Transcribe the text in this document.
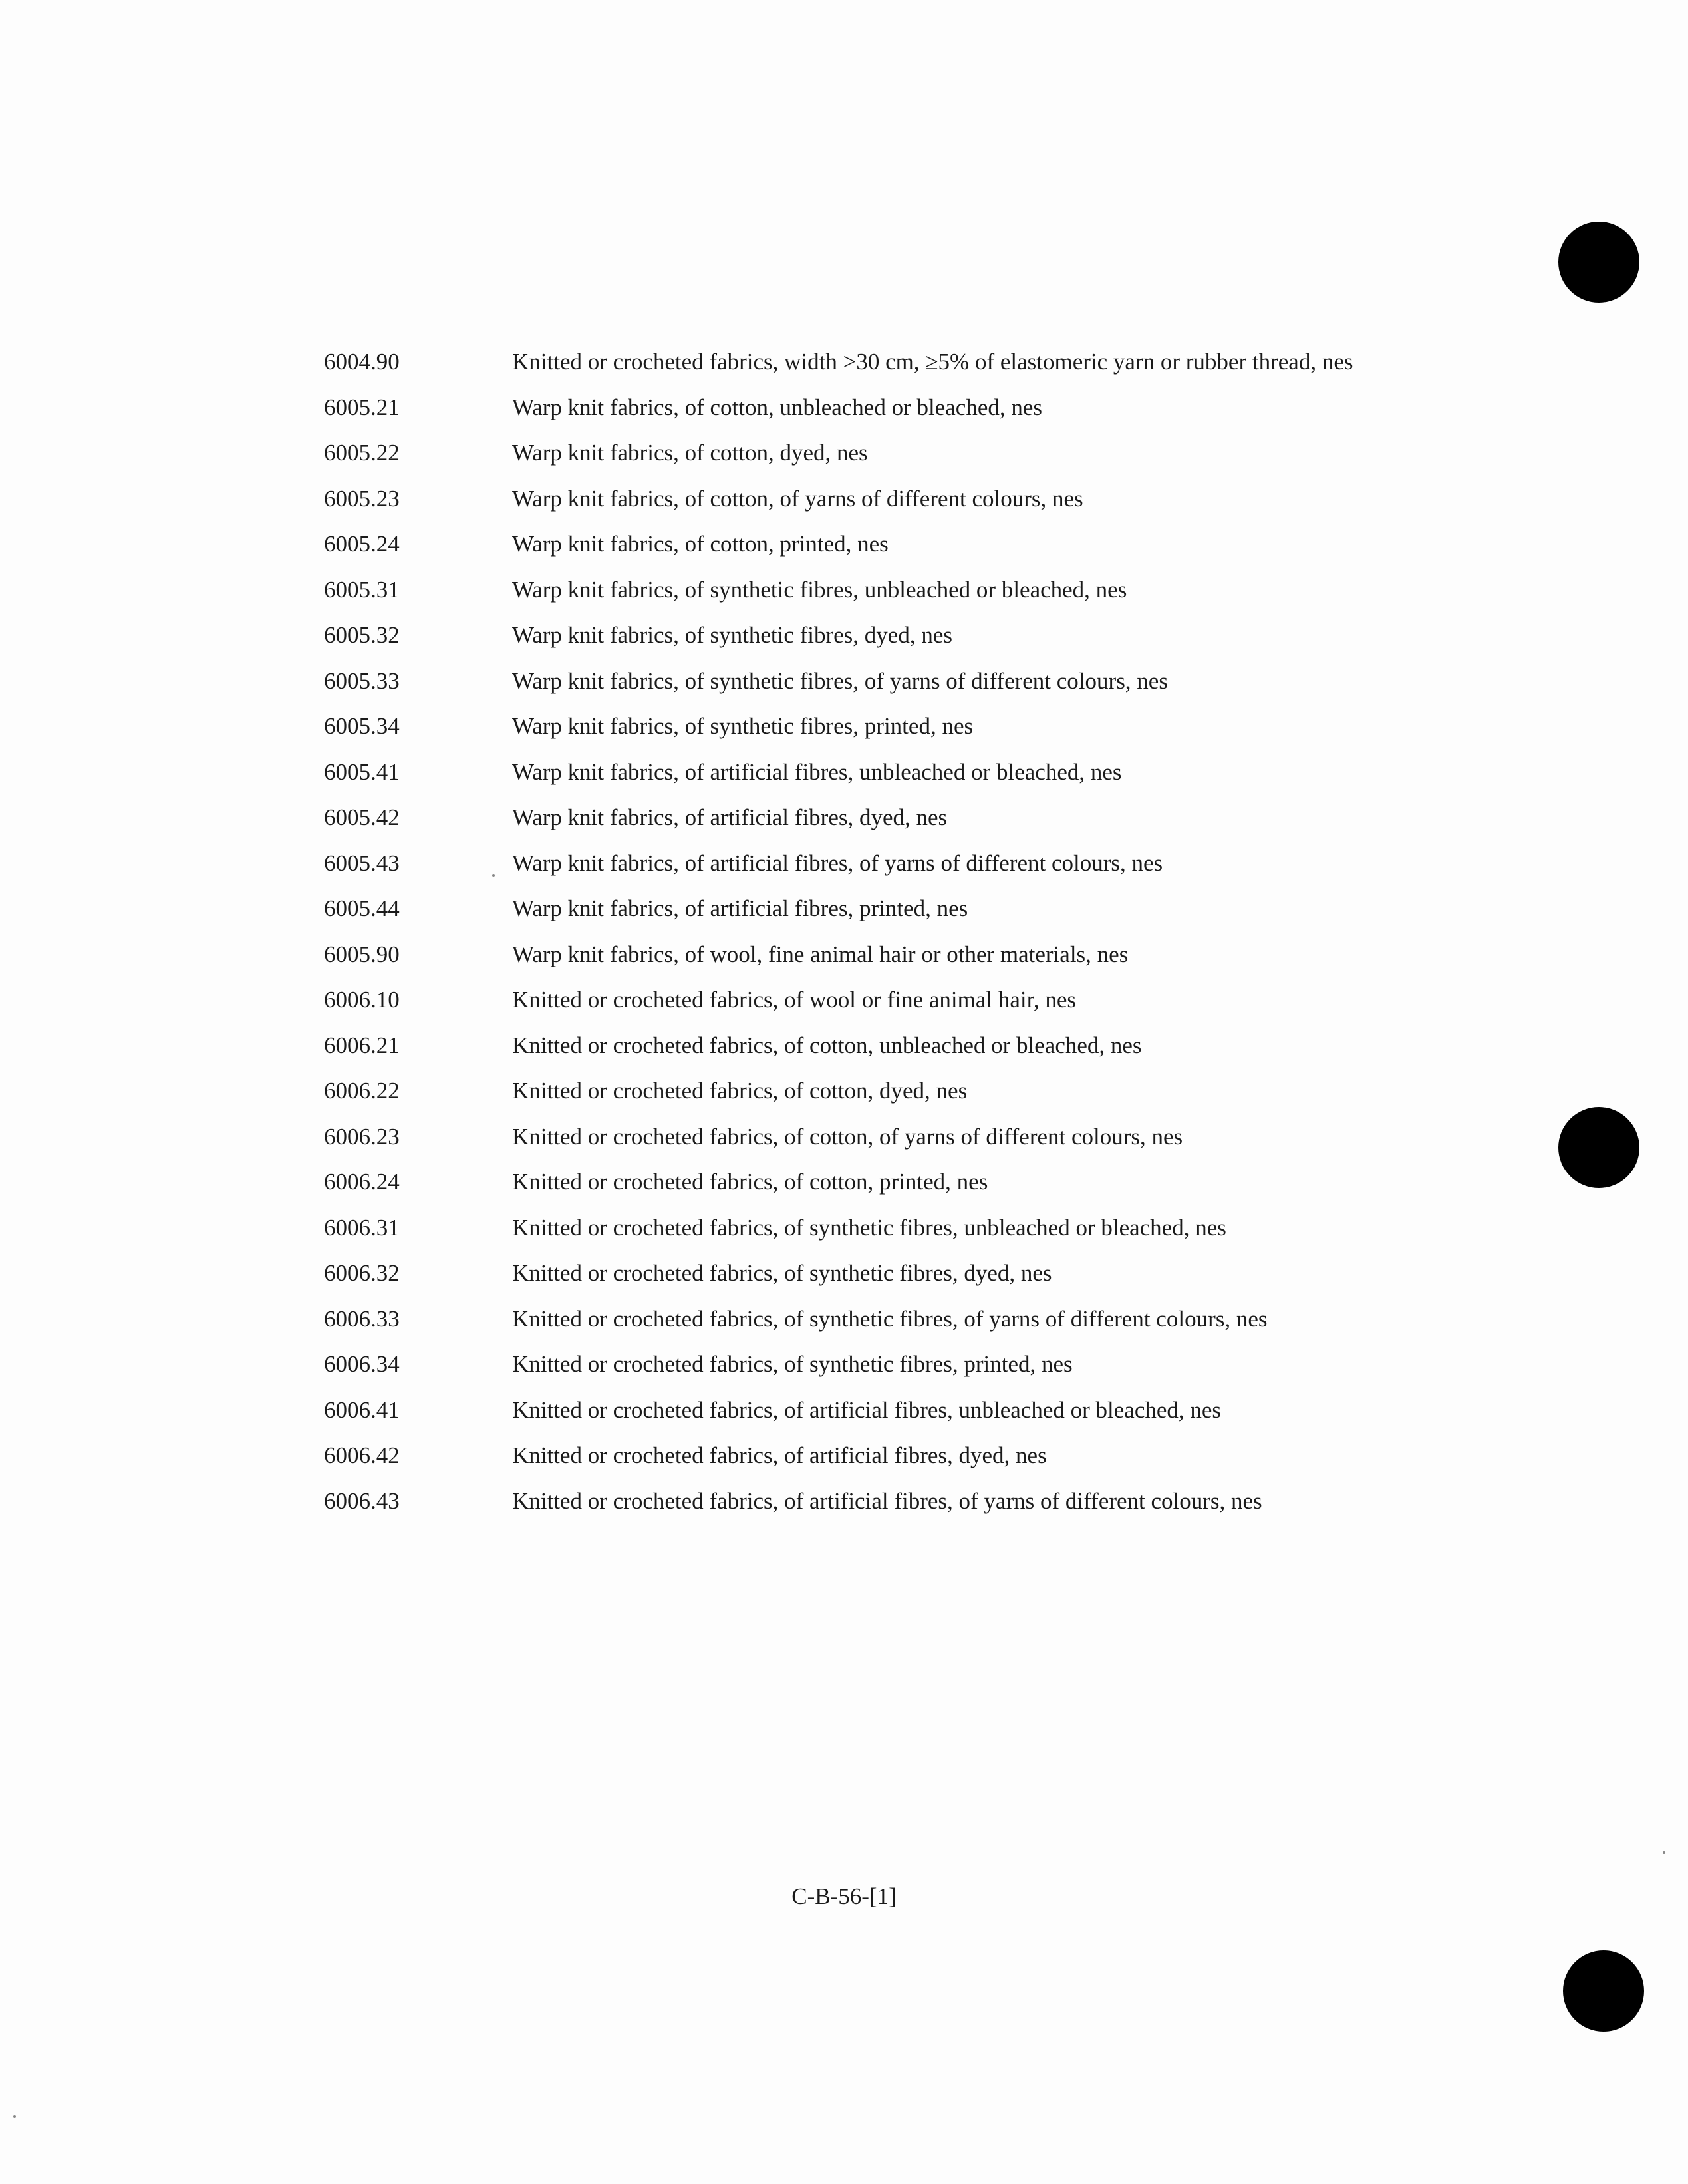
6004.90	Knitted or crocheted fabrics, width >30 cm, ≥5% of elastomeric yarn or rubber thread, nes
6005.21	Warp knit fabrics, of cotton, unbleached or bleached, nes
6005.22	Warp knit fabrics, of cotton, dyed, nes
6005.23	Warp knit fabrics, of cotton, of yarns of different colours, nes
6005.24	Warp knit fabrics, of cotton, printed, nes
6005.31	Warp knit fabrics, of synthetic fibres, unbleached or bleached, nes
6005.32	Warp knit fabrics, of synthetic fibres, dyed, nes
6005.33	Warp knit fabrics, of synthetic fibres, of yarns of different colours, nes
6005.34	Warp knit fabrics, of synthetic fibres, printed, nes
6005.41	Warp knit fabrics, of artificial fibres, unbleached or bleached, nes
6005.42	Warp knit fabrics, of artificial fibres, dyed, nes
6005.43	Warp knit fabrics, of artificial fibres, of yarns of different colours, nes
6005.44	Warp knit fabrics, of artificial fibres, printed, nes
6005.90	Warp knit fabrics, of wool, fine animal hair or other materials, nes
6006.10	Knitted or crocheted fabrics, of wool or fine animal hair, nes
6006.21	Knitted or crocheted fabrics, of cotton, unbleached or bleached, nes
6006.22	Knitted or crocheted fabrics, of cotton, dyed, nes
6006.23	Knitted or crocheted fabrics, of cotton, of yarns of different colours, nes
6006.24	Knitted or crocheted fabrics, of cotton, printed, nes
6006.31	Knitted or crocheted fabrics, of synthetic fibres, unbleached or bleached, nes
6006.32	Knitted or crocheted fabrics, of synthetic fibres, dyed, nes
6006.33	Knitted or crocheted fabrics, of synthetic fibres, of yarns of different colours, nes
6006.34	Knitted or crocheted fabrics, of synthetic fibres, printed, nes
6006.41	Knitted or crocheted fabrics, of artificial fibres, unbleached or bleached, nes
6006.42	Knitted or crocheted fabrics, of artificial fibres, dyed, nes
6006.43	Knitted or crocheted fabrics, of artificial fibres, of yarns of different colours, nes
C-B-56-[1]
